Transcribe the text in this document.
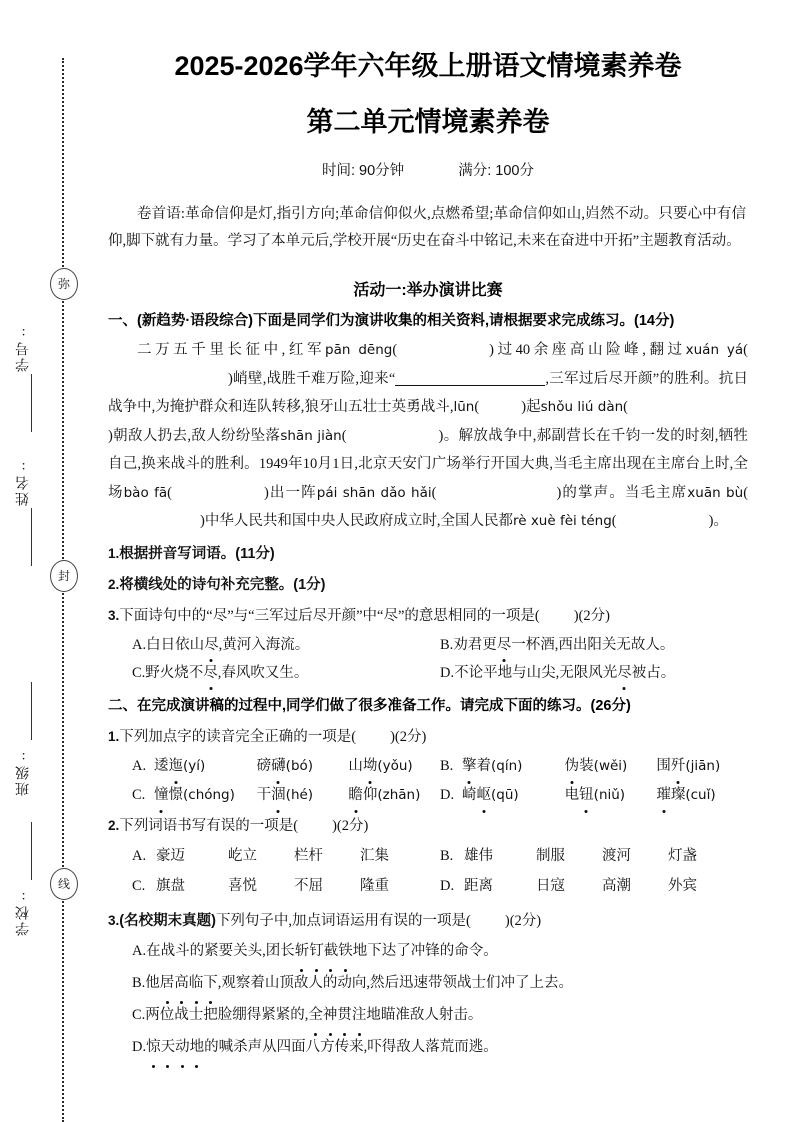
弥
封
线
学号:
姓名:
班级:
学校:
2025-2026学年六年级上册语文情境素养卷
第二单元情境素养卷
时间: 90分钟	满分: 100分
卷首语:革命信仰是灯,指引方向;革命信仰似火,点燃希望;革命信仰如山,岿然不动。只要心中有信仰,脚下就有力量。学习了本单元后,学校开展“历史在奋斗中铭记,未来在奋进中开拓”主题教育活动。
活动一:举办演讲比赛
一、(新趋势·语段综合)下面是同学们为演讲收集的相关资料,请根据要求完成练习。(14分)
二万五千里长征中,红军pān dēng(	)过40余座高山险峰,翻过xuán yá()峭壁,战胜千难万险,迎来“	,三军过后尽开颜”的胜利。抗日战争中,为掩护群众和连队转移,狼牙山五壮士英勇战斗,lūn(	)起shǒu liú dàn()朝敌人扔去,敌人纷纷坠落shān jiàn(	)。解放战争中,郝副营长在千钧一发的时刻,牺牲自己,换来战斗的胜利。1949年10月1日,北京天安门广场举行开国大典,当毛主席出现在主席台上时,全场bào fā(	)出一阵pái shān dǎo hǎi(	)的掌声。当毛主席xuān bù()中华人民共和国中央人民政府成立时,全国人民都rè xuè fèi téng(	)。
1.根据拼音写词语。(11分)
2.将横线处的诗句补充完整。(1分)
3.下面诗句中的“尽”与“三军过后尽开颜”中“尽”的意思相同的一项是( )(2分)
A.白日依山尽,黄河入海流。	B.劝君更尽一杯酒,西出阳关无故人。
C.野火烧不尽,春风吹又生。	D.不论平地与山尖,无限风光尽被占。
二、在完成演讲稿的过程中,同学们做了很多准备工作。请完成下面的练习。(26分)
1.下列加点字的读音完全正确的一项是( )(2分)
A. 逶迤(yí)	磅礴(bó)	山坳(yǒu)	B. 擎着(qín)	伪装(wěi)	围歼(jiān)
C. 憧憬(chóng)	干涸(hé)	瞻仰(zhān)	D. 崎岖(qū)	电钮(niǔ)	璀璨(cuǐ)
2.下列词语书写有误的一项是( )(2分)
A. 豪迈	屹立	栏杆	汇集	B. 雄伟	制服	渡河	灯盏
C. 旗盘	喜悦	不屈	隆重	D. 距离	日寇	高潮	外宾
3.(名校期末真题)下列句子中,加点词语运用有误的一项是( )(2分)
A.在战斗的紧要关头,团长斩钉截铁
地下达了冲锋的命令。
B.他居高临下
,观察着山顶敌人的动向,然后迅速带领战士们冲了上去。
C.两位战士把脸绷得紧紧的,全神贯注
地瞄准敌人射击。
D.惊天动地
的喊杀声从四面八方传来,吓得敌人落荒而逃。
